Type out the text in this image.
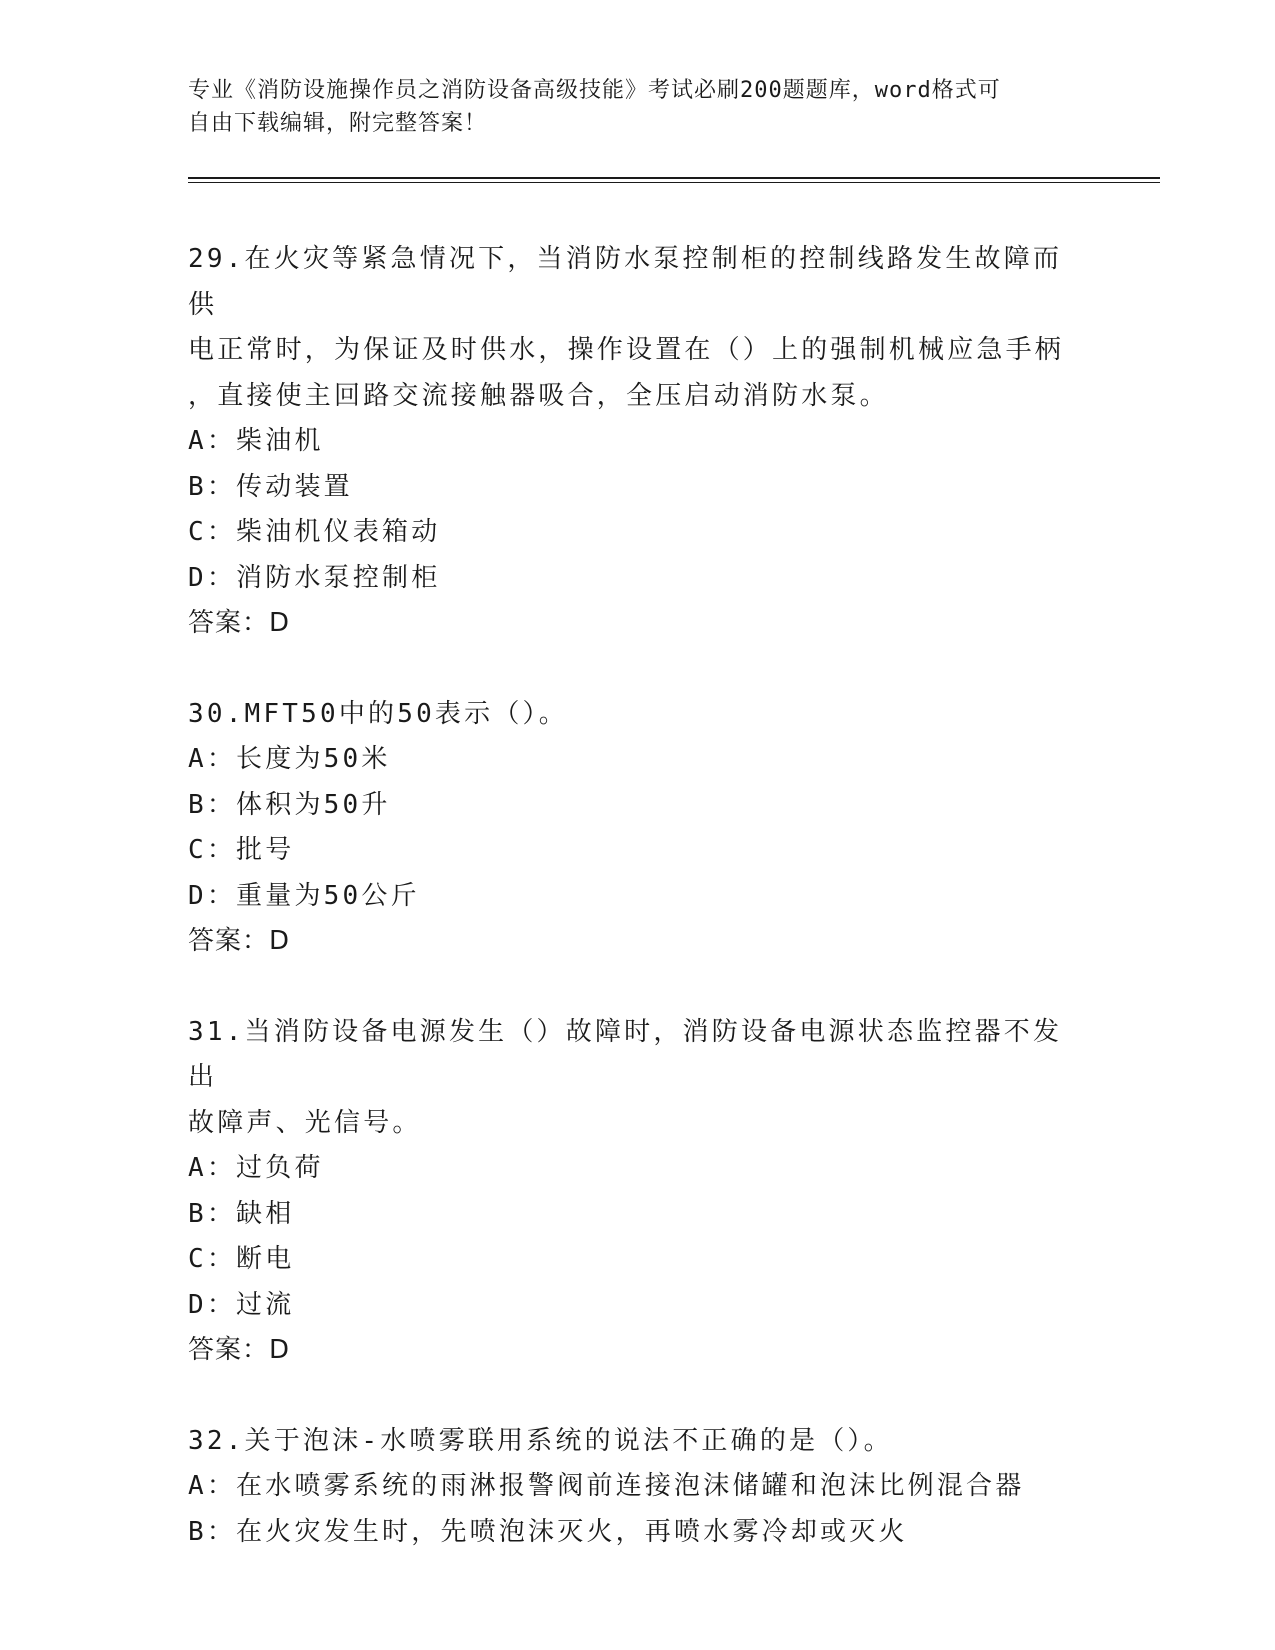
专业《消防设施操作员之消防设备高级技能》考试必刷200题题库，word格式可
自由下载编辑，附完整答案！

29.在火灾等紧急情况下，当消防水泵控制柜的控制线路发生故障而供

电正常时，为保证及时供水，操作设置在（）上的强制机械应急手柄

，直接使主回路交流接触器吸合，全压启动消防水泵。

A：柴油机

B：传动装置

C：柴油机仪表箱动

D：消防水泵控制柜

答案：D

30.MFT50中的50表示（）。

A：长度为50米

B：体积为50升

C：批号

D：重量为50公斤

答案：D

31.当消防设备电源发生（）故障时，消防设备电源状态监控器不发出

故障声、光信号。

A：过负荷

B：缺相

C：断电

D：过流

答案：D

32.关于泡沫-水喷雾联用系统的说法不正确的是（）。

A：在水喷雾系统的雨淋报警阀前连接泡沫储罐和泡沫比例混合器

B：在火灾发生时，先喷泡沫灭火，再喷水雾冷却或灭火
